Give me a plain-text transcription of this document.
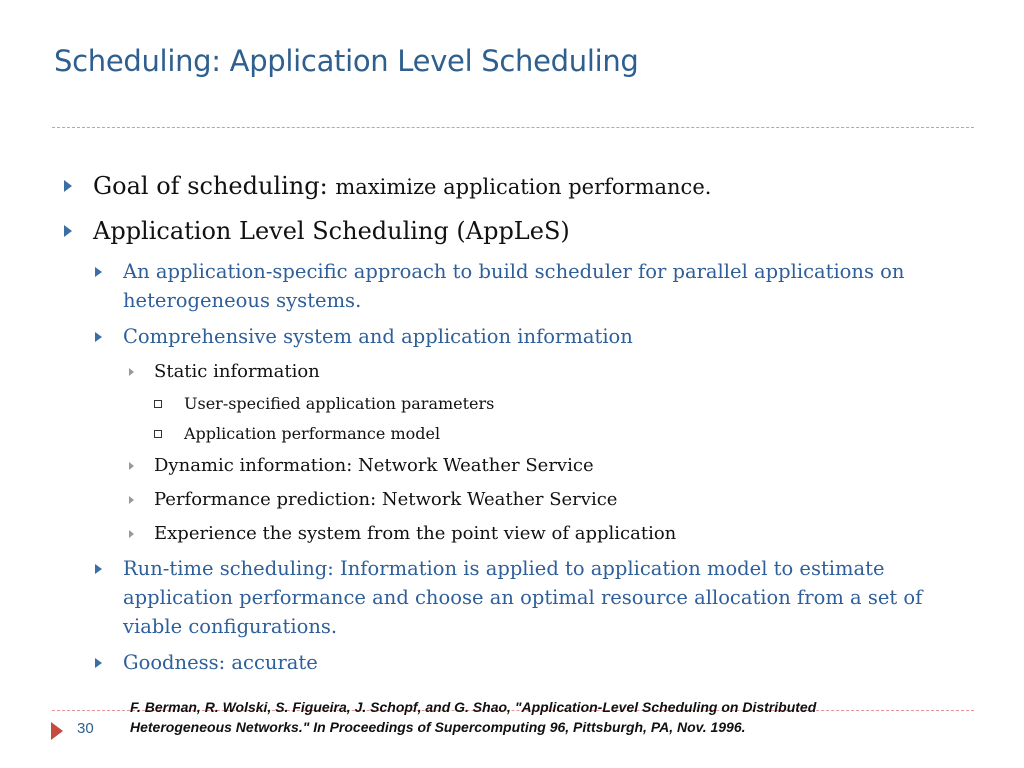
Scheduling: Application Level Scheduling
Goal of scheduling: maximize application performance.
Application Level Scheduling (AppLeS)
An application-specific approach to build scheduler for parallel applications on heterogeneous systems.
Comprehensive system and application information
Static information
User-specified application parameters
Application performance model
Dynamic information: Network Weather Service
Performance prediction: Network Weather Service
Experience the system from the point view of application
Run-time scheduling: Information is applied to application model to estimate application performance and choose an optimal resource allocation from a set of viable configurations.
Goodness: accurate
30
F. Berman, R. Wolski, S. Figueira, J. Schopf, and G. Shao, "Application-Level Scheduling on Distributed Heterogeneous Networks." In Proceedings of Supercomputing 96, Pittsburgh, PA, Nov. 1996.
